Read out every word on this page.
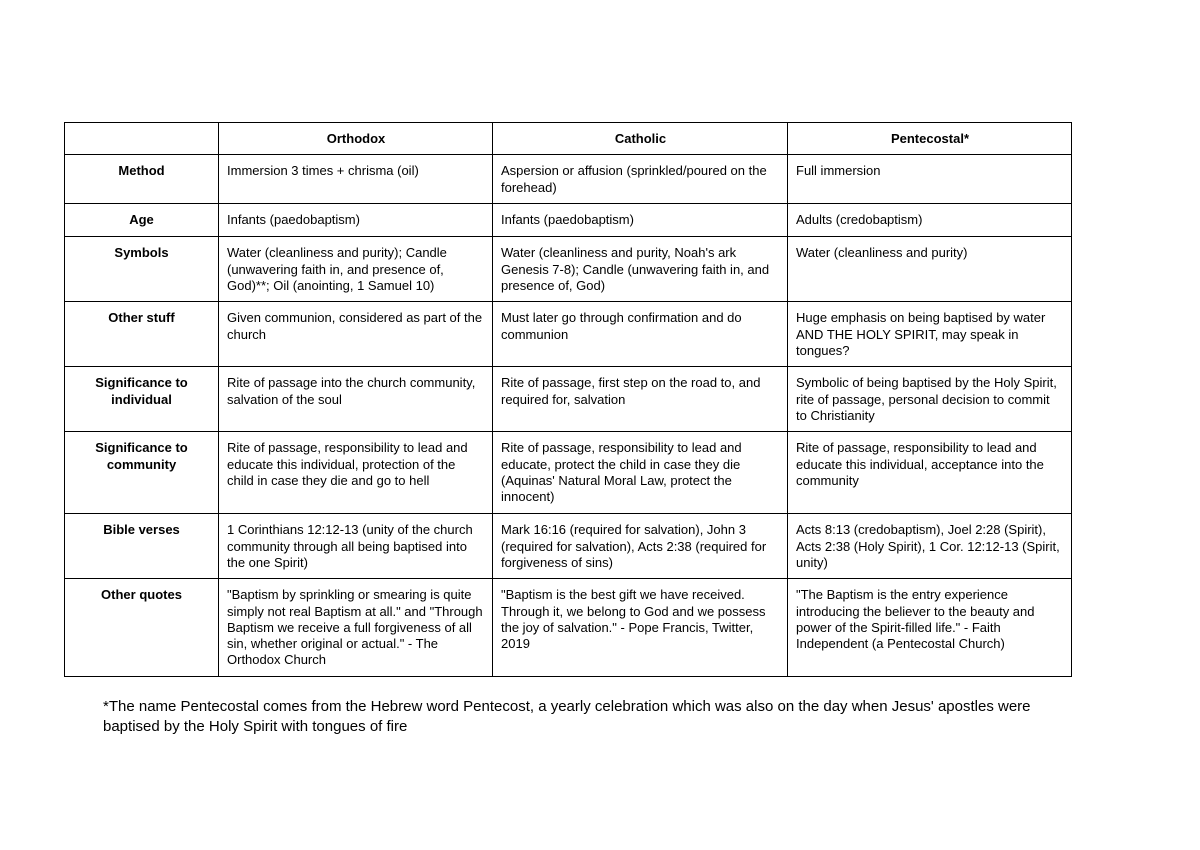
	Orthodox	Catholic	Pentecostal*
Method	Immersion 3 times + chrisma (oil)	Aspersion or affusion (sprinkled/poured on the forehead)	Full immersion
Age	Infants (paedobaptism)	Infants (paedobaptism)	Adults (credobaptism)
Symbols	Water (cleanliness and purity); Candle (unwavering faith in, and presence of, God)**; Oil (anointing, 1 Samuel 10)	Water (cleanliness and purity, Noah's ark Genesis 7-8); Candle (unwavering faith in, and presence of, God)	Water (cleanliness and purity)
Other stuff	Given communion, considered as part of the church	Must later go through confirmation and do communion	Huge emphasis on being baptised by water AND THE HOLY SPIRIT, may speak in tongues?
Significance to individual	Rite of passage into the church community, salvation of the soul	Rite of passage, first step on the road to, and required for, salvation	Symbolic of being baptised by the Holy Spirit, rite of passage, personal decision to commit to Christianity
Significance to community	Rite of passage, responsibility to lead and educate this individual, protection of the child in case they die and go to hell	Rite of passage, responsibility to lead and educate, protect the child in case they die (Aquinas' Natural Moral Law, protect the innocent)	Rite of passage, responsibility to lead and educate this individual, acceptance into the community
Bible verses	1 Corinthians 12:12-13 (unity of the church community through all being baptised into the one Spirit)	Mark 16:16 (required for salvation), John 3 (required for salvation), Acts 2:38 (required for forgiveness of sins)	Acts 8:13 (credobaptism), Joel 2:28 (Spirit), Acts 2:38 (Holy Spirit), 1 Cor. 12:12-13 (Spirit, unity)
Other quotes	"Baptism by sprinkling or smearing is quite simply not real Baptism at all." and "Through Baptism we receive a full forgiveness of all sin, whether original or actual." - The Orthodox Church	"Baptism is the best gift we have received. Through it, we belong to God and we possess the joy of salvation." - Pope Francis, Twitter, 2019	"The Baptism is the entry experience introducing the believer to the beauty and power of the Spirit-filled life." - Faith Independent (a Pentecostal Church)
*The name Pentecostal comes from the Hebrew word Pentecost, a yearly celebration which was also on the day when Jesus' apostles were baptised by the Holy Spirit with tongues of fire
